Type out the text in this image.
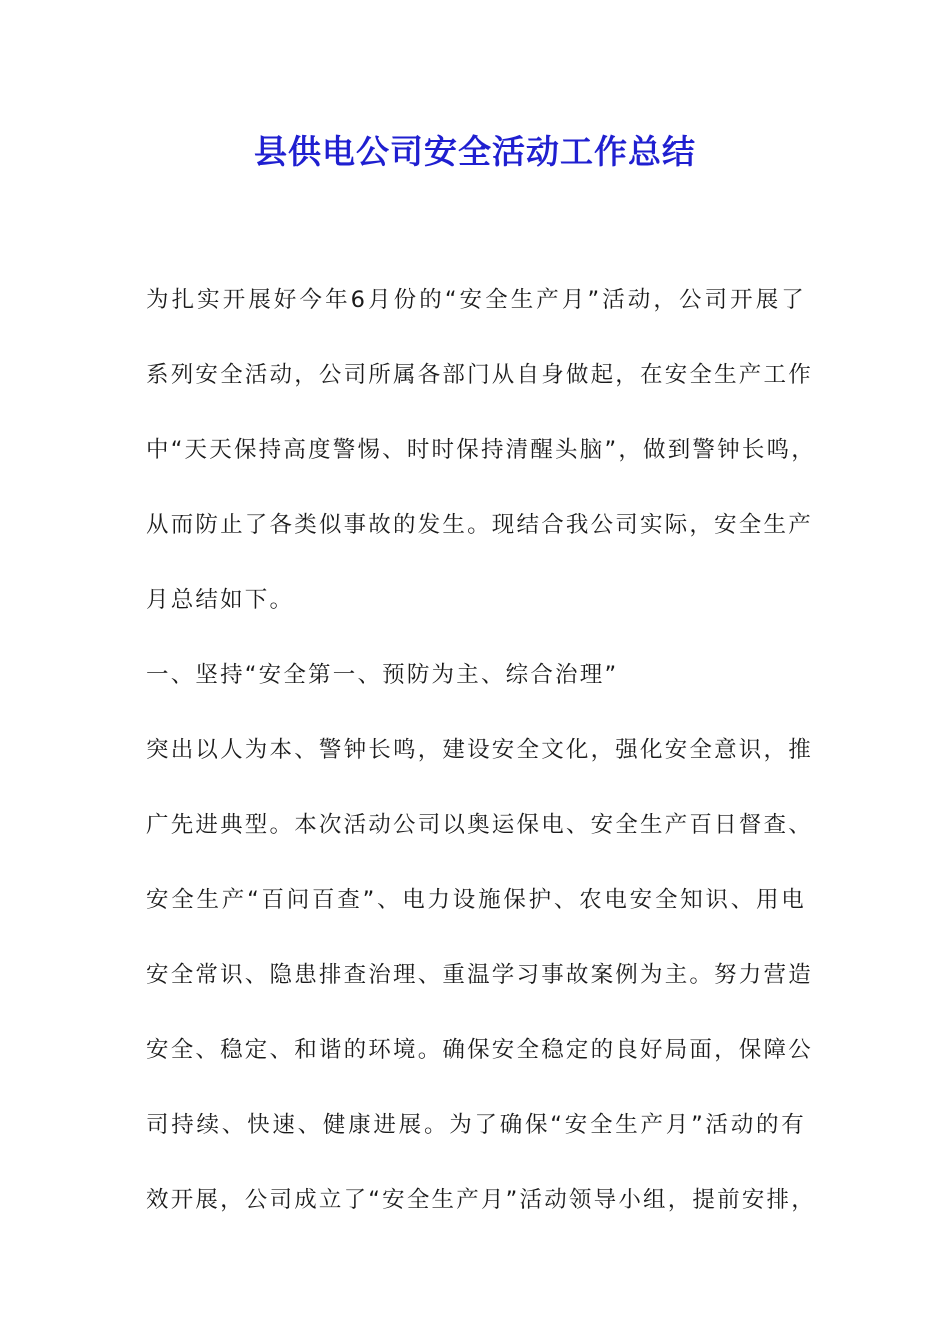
县供电公司安全活动工作总结
为扎实开展好今年6月份的“安全生产月”活动，公司开展了
系列安全活动，公司所属各部门从自身做起，在安全生产工作
中“天天保持高度警惕、时时保持清醒头脑”，做到警钟长鸣，
从而防止了各类似事故的发生。现结合我公司实际，安全生产
月总结如下。
一、坚持“安全第一、预防为主、综合治理”
突出以人为本、警钟长鸣，建设安全文化，强化安全意识，推
广先进典型。本次活动公司以奥运保电、安全生产百日督查、
安全生产“百问百查”、电力设施保护、农电安全知识、用电
安全常识、隐患排查治理、重温学习事故案例为主。努力营造
安全、稳定、和谐的环境。确保安全稳定的良好局面，保障公
司持续、快速、健康进展。为了确保“安全生产月”活动的有
效开展，公司成立了“安全生产月”活动领导小组，提前安排，
